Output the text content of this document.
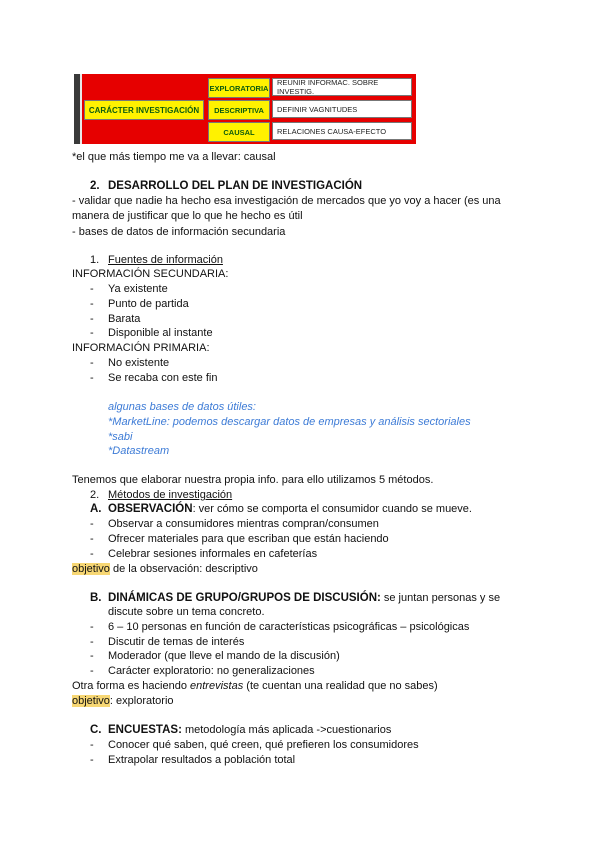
CARÁCTER INVESTIGACIÓN
EXPLORATORIA
REUNIR INFORMAC. SOBRE INVESTIG.
DESCRIPTIVA	DEFINIR VAGNITUDES
CAUSAL	RELACIONES CAUSA-EFECTO
*el que más tiempo me va a llevar: causal
2. DESARROLLO DEL PLAN DE INVESTIGACIÓN
- validar que nadie ha hecho esa investigación de mercados que yo voy a hacer (es una
manera de justificar que lo que he hecho es útil
- bases de datos de información secundaria
1. Fuentes de información
INFORMACIÓN SECUNDARIA:
- Ya existente
- Punto de partida
- Barata
- Disponible al instante
INFORMACIÓN PRIMARIA:
- No existente
- Se recaba con este fin
algunas bases de datos útiles:
*MarketLine: podemos descargar datos de empresas y análisis sectoriales
*sabi
*Datastream
Tenemos que elaborar nuestra propia info. para ello utilizamos 5 métodos.
2. Métodos de investigación
A. OBSERVACIÓN: ver cómo se comporta el consumidor cuando se mueve.
- Observar a consumidores mientras compran/consumen
- Ofrecer materiales para que escriban que están haciendo
- Celebrar sesiones informales en cafeterías
objetivo de la observación: descriptivo
B. DINÁMICAS DE GRUPO/GRUPOS DE DISCUSIÓN: se juntan personas y se
discute sobre un tema concreto.
- 6 – 10 personas en función de características psicográficas – psicológicas
- Discutir de temas de interés
- Moderador (que lleve el mando de la discusión)
- Carácter exploratorio: no generalizaciones
Otra forma es haciendo entrevistas (te cuentan una realidad que no sabes)
objetivo: exploratorio
C. ENCUESTAS: metodología más aplicada ->cuestionarios
- Conocer qué saben, qué creen, qué prefieren los consumidores
- Extrapolar resultados a población total
